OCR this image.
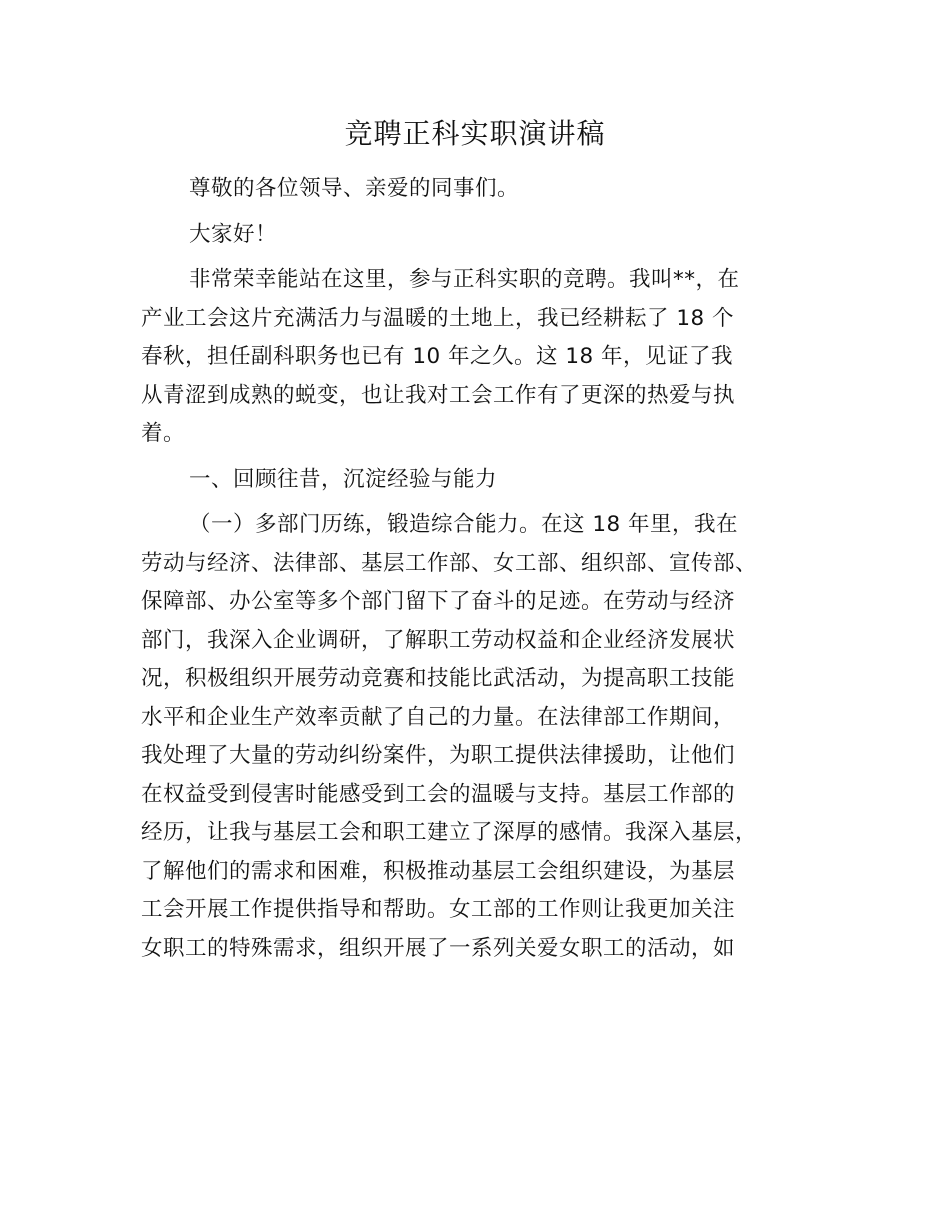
竞聘正科实职演讲稿

尊敬的各位领导、亲爱的同事们。

大家好！

非常荣幸能站在这里，参与正科实职的竞聘。我叫**，在
产业工会这片充满活力与温暖的土地上，我已经耕耘了 18 个
春秋，担任副科职务也已有 10 年之久。这 18 年，见证了我
从青涩到成熟的蜕变，也让我对工会工作有了更深的热爱与执
着。

一、回顾往昔，沉淀经验与能力

（一）多部门历练，锻造综合能力。在这 18 年里，我在
劳动与经济、法律部、基层工作部、女工部、组织部、宣传部、
保障部、办公室等多个部门留下了奋斗的足迹。在劳动与经济
部门，我深入企业调研，了解职工劳动权益和企业经济发展状
况，积极组织开展劳动竞赛和技能比武活动，为提高职工技能
水平和企业生产效率贡献了自己的力量。在法律部工作期间，
我处理了大量的劳动纠纷案件，为职工提供法律援助，让他们
在权益受到侵害时能感受到工会的温暖与支持。基层工作部的
经历，让我与基层工会和职工建立了深厚的感情。我深入基层，
了解他们的需求和困难，积极推动基层工会组织建设，为基层
工会开展工作提供指导和帮助。女工部的工作则让我更加关注
女职工的特殊需求，组织开展了一系列关爱女职工的活动，如
